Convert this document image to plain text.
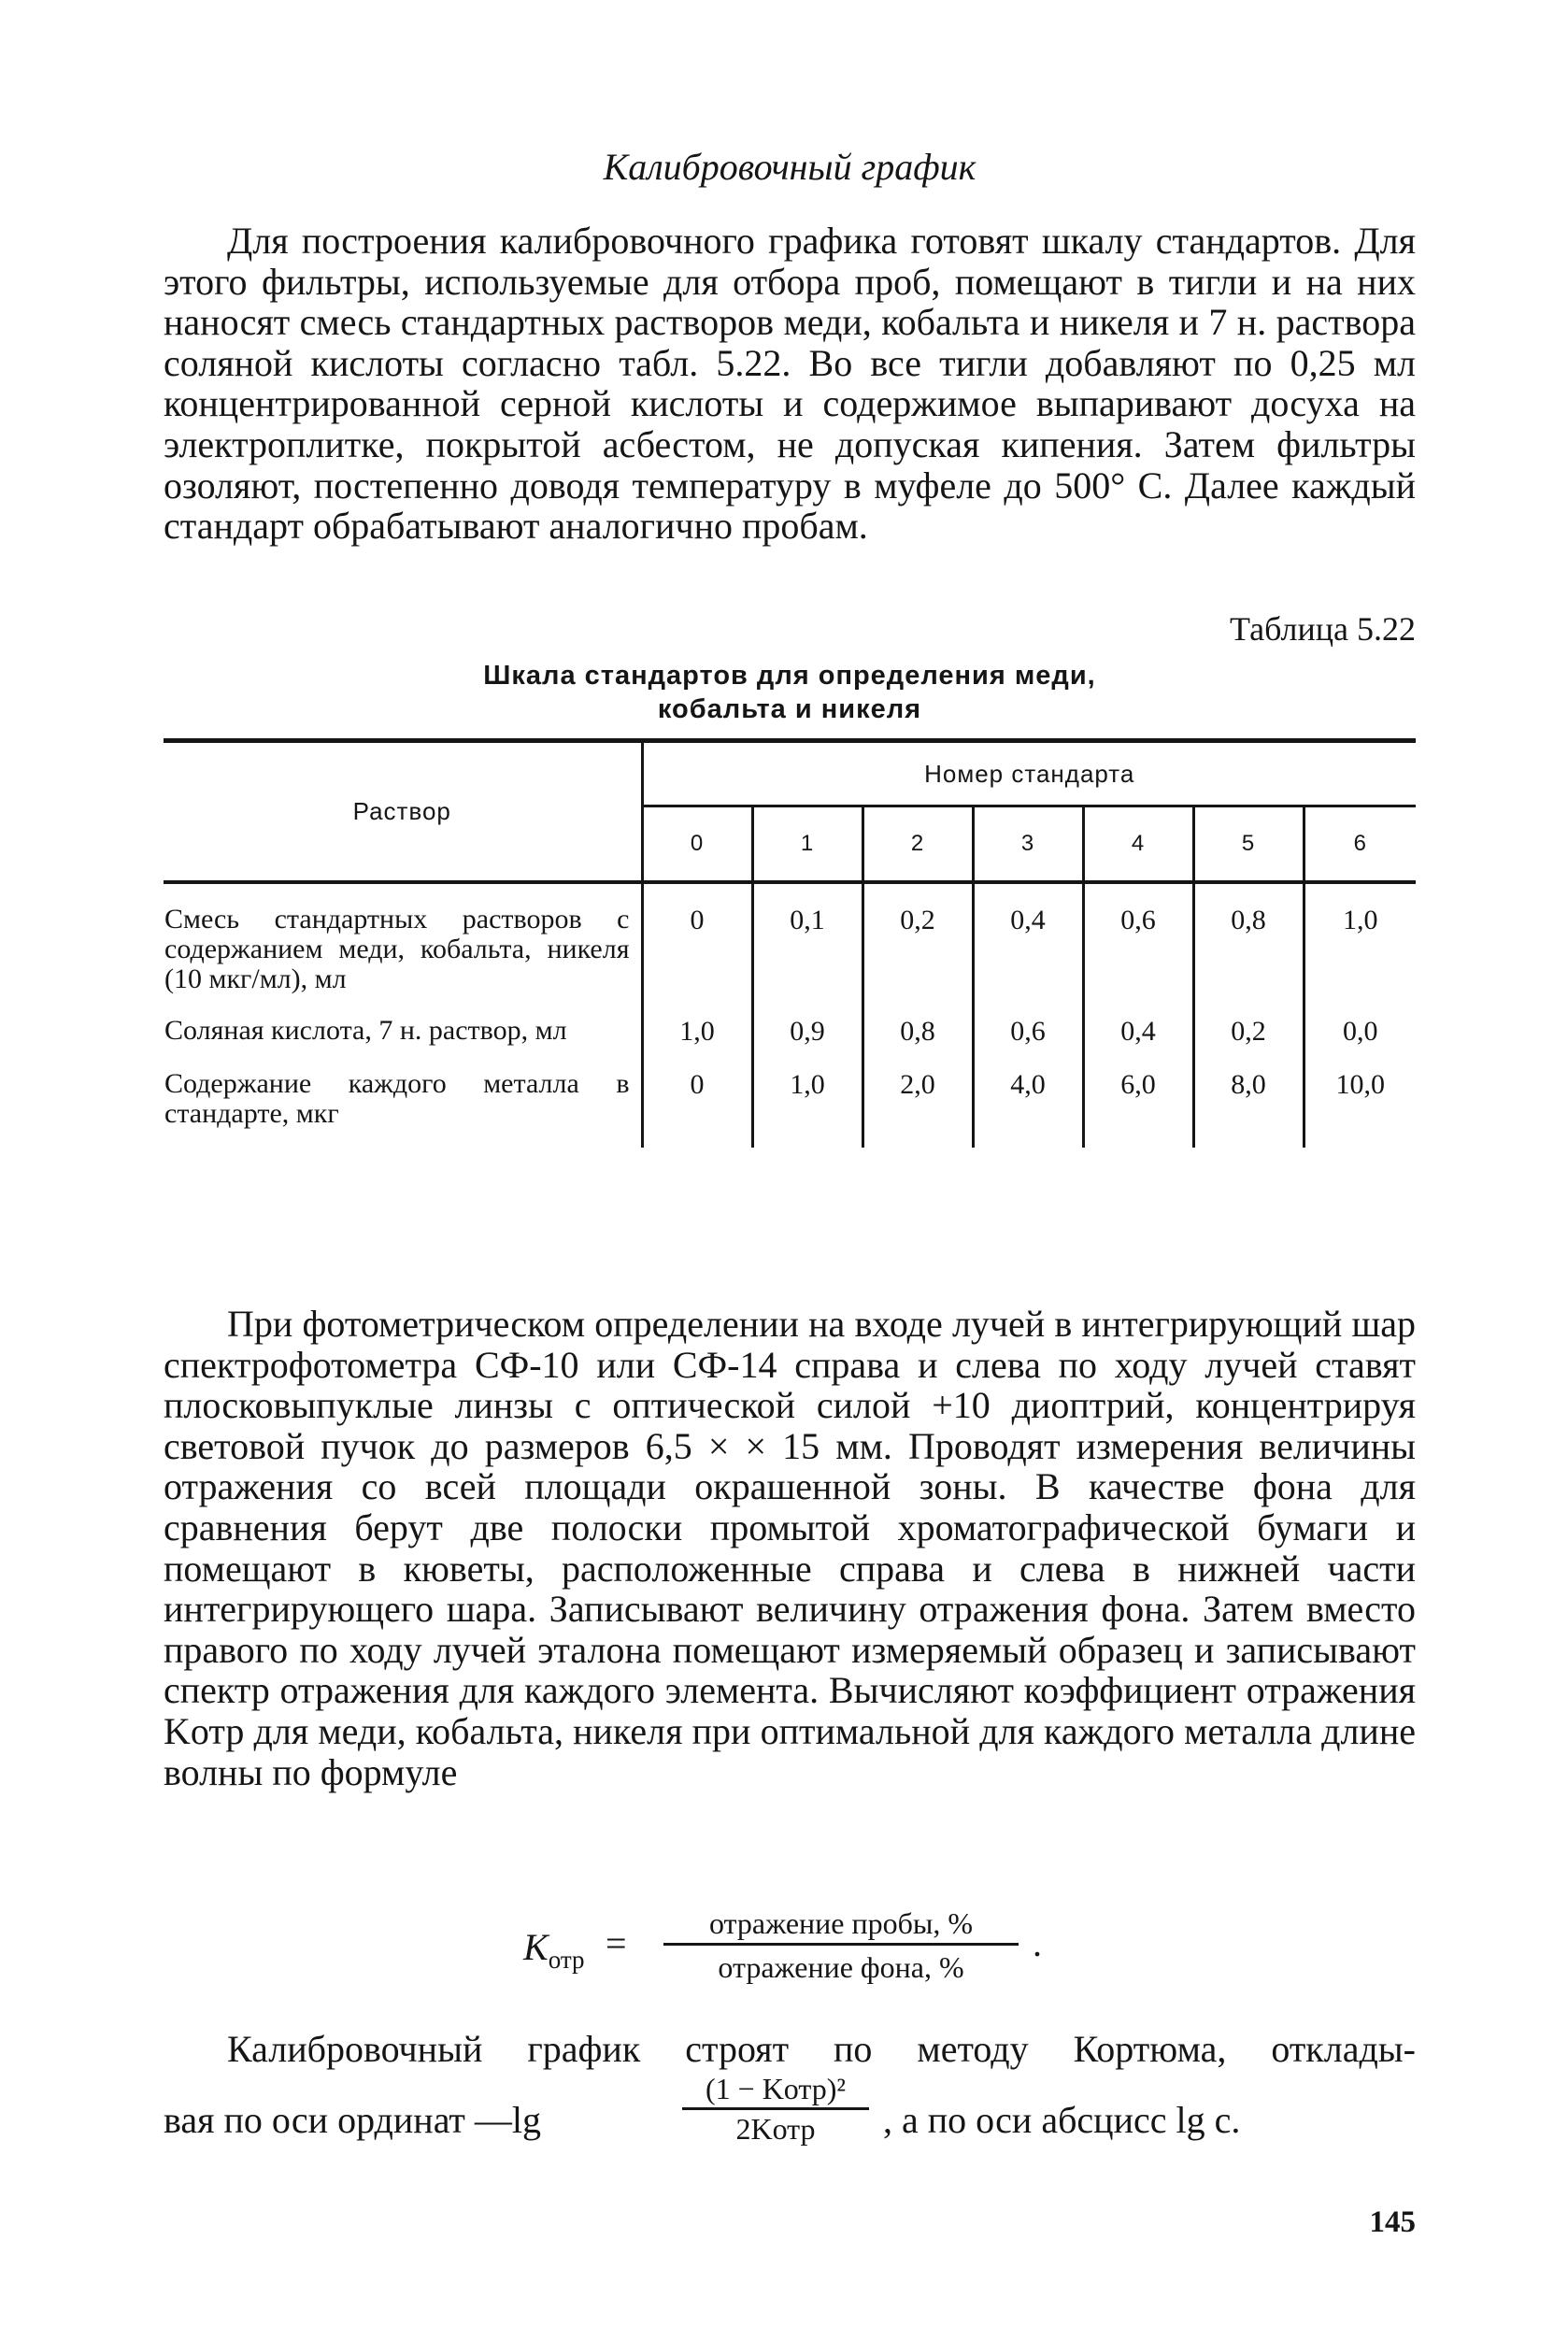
Калибровочный график

Для построения калибровочного графика готовят шкалу стандартов. Для этого фильтры, используемые для отбора проб, помещают в тигли и на них наносят смесь стандартных растворов меди, кобальта и никеля и 7 н. раствора соляной кислоты согласно табл. 5.22. Во все тигли добавляют по 0,25 мл концентрированной серной кислоты и содержимое выпаривают досуха на электроплитке, покрытой асбестом, не допуская кипения. Затем фильтры озоляют, постепенно доводя температуру в муфеле до 500° С. Далее каждый стандарт обрабатывают аналогично пробам.

Таблица 5.22
Шкала стандартов для определения меди,
кобальта и никеля

Раствор	Номер стандарта						
	0	1	2	3	4	5	6
Смесь стандартных растворов с содержанием меди, кобальта, никеля (10 мкг/мл), мл	0	0,1	0,2	0,4	0,6	0,8	1,0
Соляная кислота, 7 н. раствор, мл	1,0	0,9	0,8	0,6	0,4	0,2	0,0
Содержание каждого металла в стандарте, мкг	0	1,0	2,0	4,0	6,0	8,0	10,0

При фотометрическом определении на входе лучей в интегрирующий шар спектрофотометра СФ-10 или СФ-14 справа и слева по ходу лучей ставят плосковыпуклые линзы с оптической силой +10 диоптрий, концентрируя световой пучок до размеров 6,5 × × 15 мм. Проводят измерения величины отражения со всей площади окрашенной зоны. В качестве фона для сравнения берут две полоски промытой хроматографической бумаги и помещают в кюветы, расположенные справа и слева в нижней части интегрирующего шара. Записывают величину отражения фона. Затем вместо правого по ходу лучей эталона помещают измеряемый образец и записывают спектр отражения для каждого элемента. Вычисляют коэффициент отражения Kотр для меди, кобальта, никеля при оптимальной для каждого металла длине волны по формуле

$K_{отр}$ =	отражение пробы, %
отражение фона, %
.
Калибровочный график строят по методу Кортюма, отклады-
вая по оси ординат —lg
(1 − Kотр)²
2Kотр	, а по оси абсцисс lg c.
145
